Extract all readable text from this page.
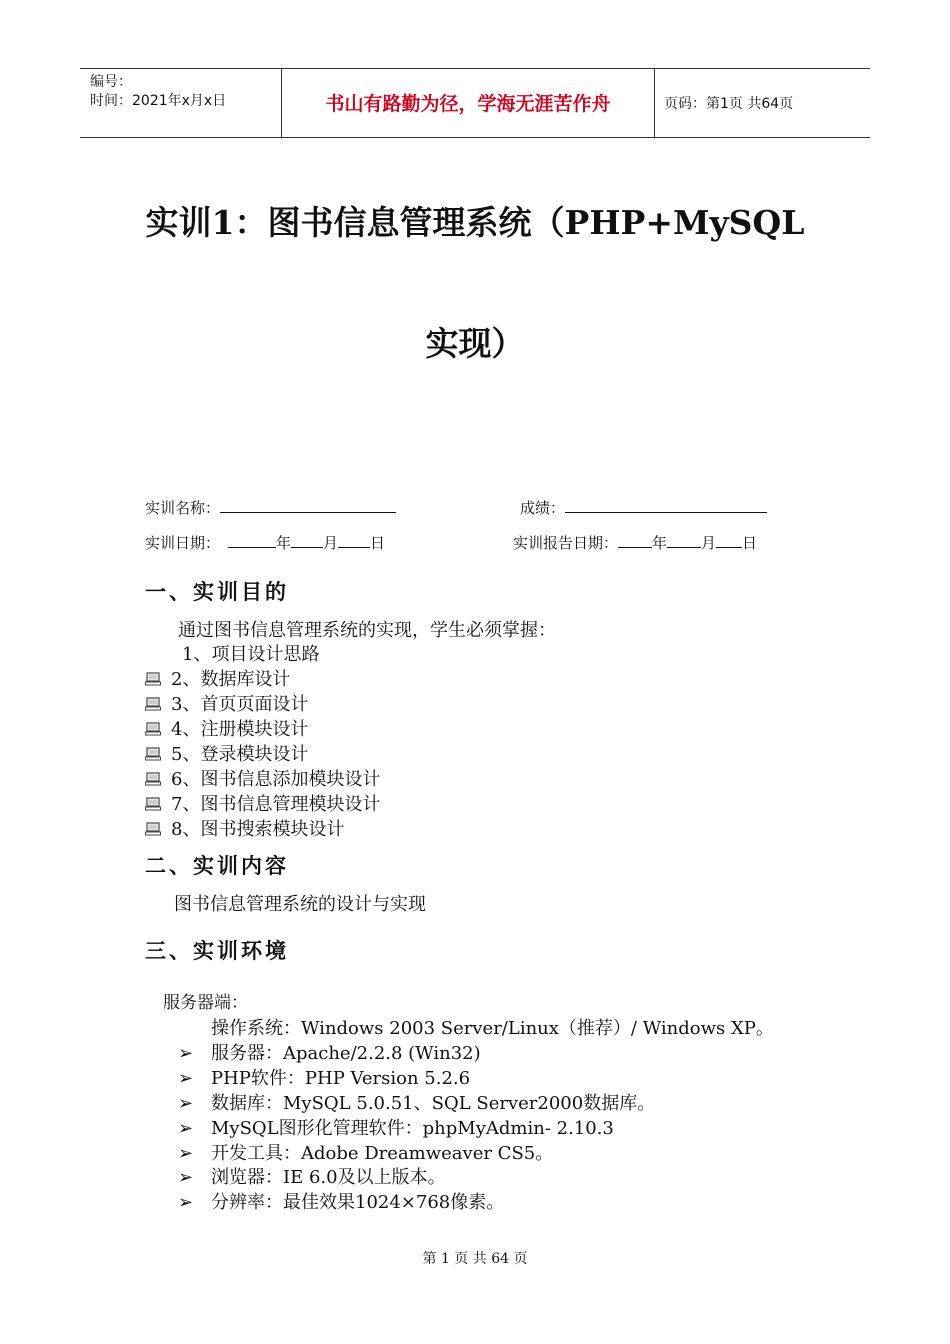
编号：
时间：2021年x月x日	书山有路勤为径，学海无涯苦作舟	页码：第1页 共64页
实训1：图书信息管理系统（PHP+MySQL
实现）
实训名称：	成绩：
实训日期：	年 月 日	实训报告日期： 年 月 日
一、实训目的
通过图书信息管理系统的实现，学生必须掌握：
1、项目设计思路
2、数据库设计
3、首页页面设计
4、注册模块设计
5、登录模块设计
6、图书信息添加模块设计
7、图书信息管理模块设计
8、图书搜索模块设计
二、实训内容
图书信息管理系统的设计与实现
三、实训环境
服务器端：
操作系统：Windows 2003 Server/Linux（推荐）/ Windows XP。
➢ 服务器：Apache/2.2.8 (Win32)
➢ PHP软件：PHP Version 5.2.6
➢ 数据库：MySQL 5.0.51、SQL Server2000数据库。
➢ MySQL图形化管理软件：phpMyAdmin- 2.10.3
➢ 开发工具：Adobe Dreamweaver CS5。
➢ 浏览器：IE 6.0及以上版本。
➢ 分辨率：最佳效果1024×768像素。
第 1 页 共 64 页
